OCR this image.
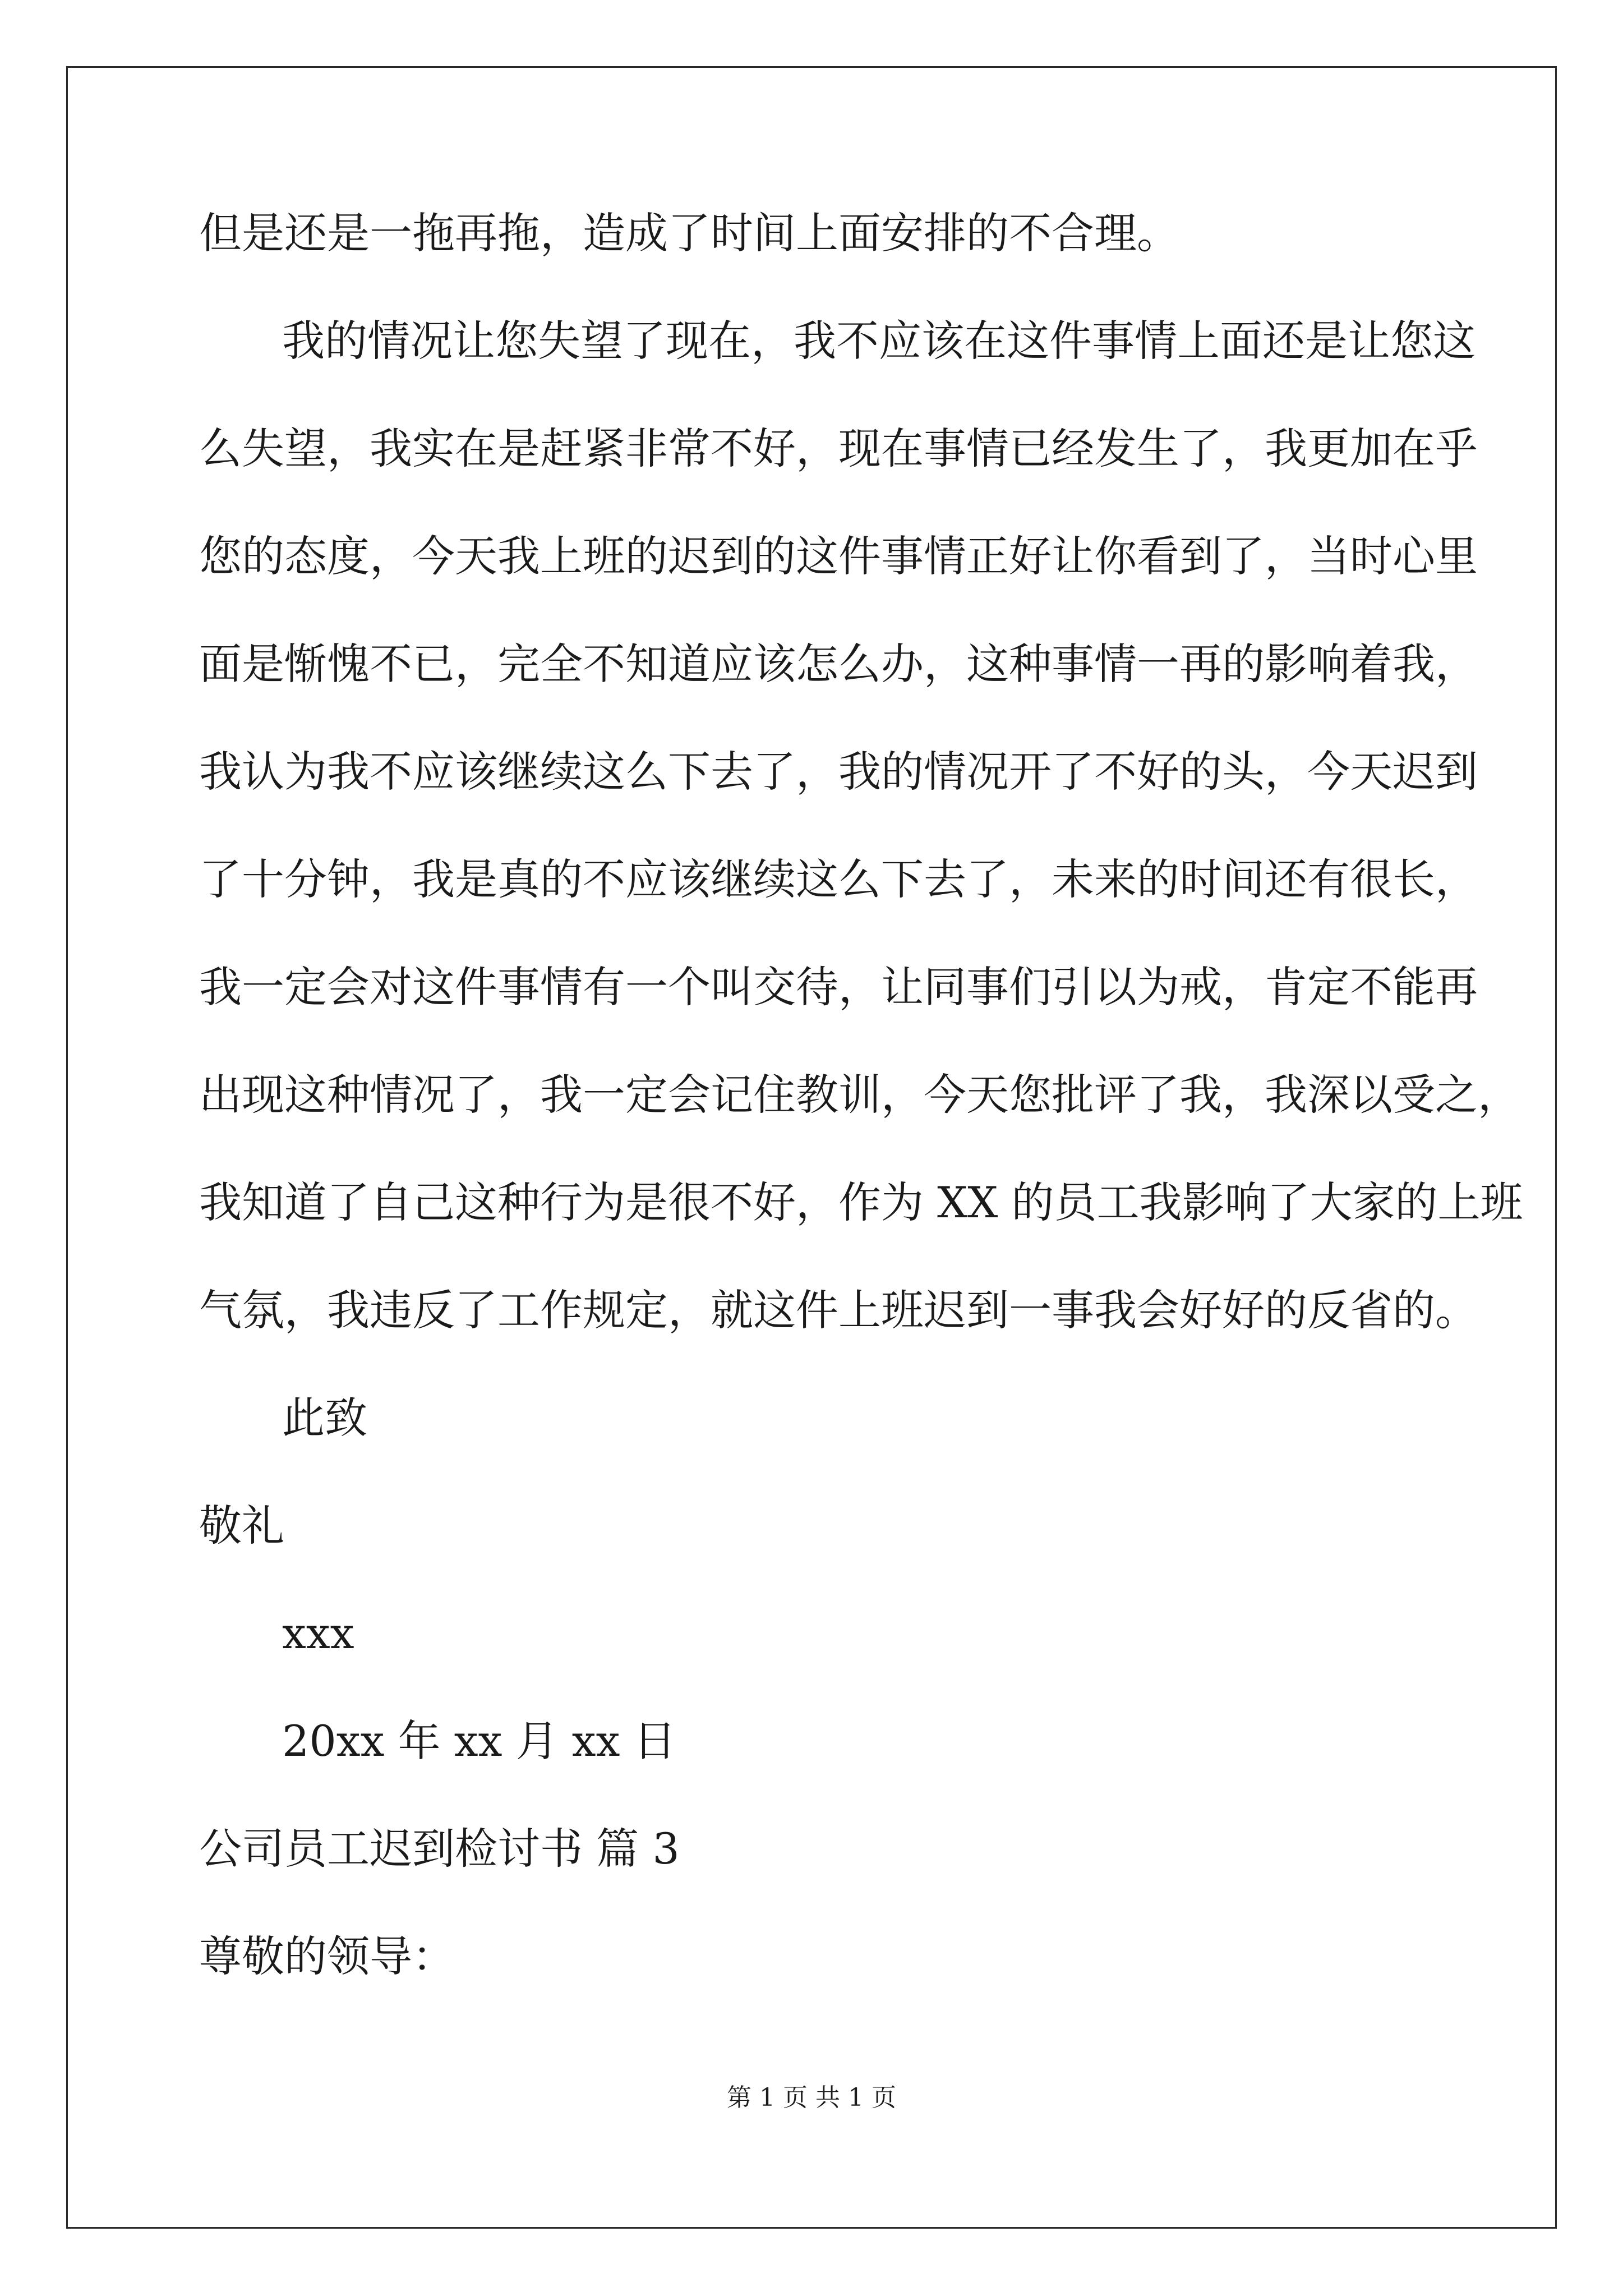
但是还是一拖再拖，造成了时间上面安排的不合理。

我的情况让您失望了现在，我不应该在这件事情上面还是让您这

么失望，我实在是赶紧非常不好，现在事情已经发生了，我更加在乎

您的态度，今天我上班的迟到的这件事情正好让你看到了，当时心里

面是惭愧不已，完全不知道应该怎么办，这种事情一再的影响着我，

我认为我不应该继续这么下去了，我的情况开了不好的头，今天迟到

了十分钟，我是真的不应该继续这么下去了，未来的时间还有很长，

我一定会对这件事情有一个叫交待，让同事们引以为戒，肯定不能再

出现这种情况了，我一定会记住教训，今天您批评了我，我深以受之，

我知道了自己这种行为是很不好，作为 XX 的员工我影响了大家的上班

气氛，我违反了工作规定，就这件上班迟到一事我会好好的反省的。

此致

敬礼

xxx

20xx 年 xx 月 xx 日

公司员工迟到检讨书 篇 3

尊敬的领导：

第 1 页 共 1 页
